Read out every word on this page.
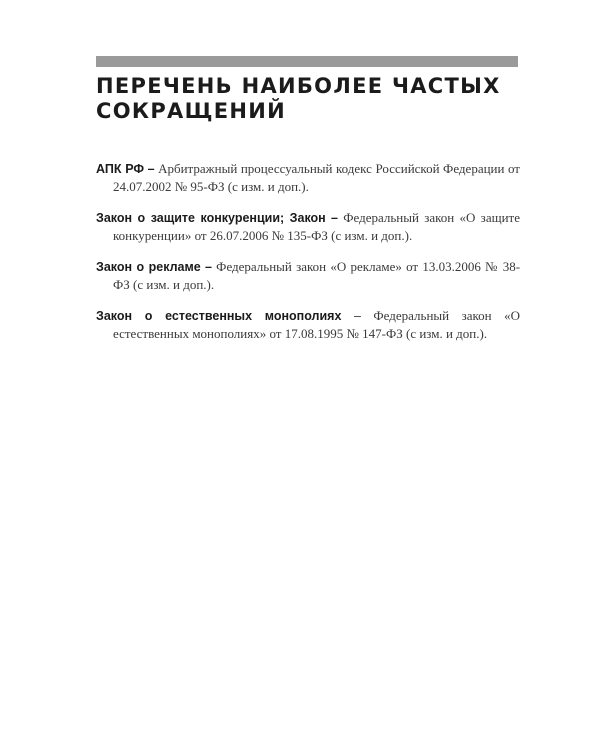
ПЕРЕЧЕНЬ НАИБОЛЕЕ ЧАСТЫХ
СОКРАЩЕНИЙ
АПК РФ – Арбитражный процессуальный кодекс Российской Федерации от 24.07.2002 № 95-ФЗ (с изм. и доп.).
Закон о защите конкуренции; Закон – Федеральный закон «О защите конкуренции» от 26.07.2006 № 135-ФЗ (с изм. и доп.).
Закон о рекламе – Федеральный закон «О рекламе» от 13.03.2006 № 38-ФЗ (с изм. и доп.).
Закон о естественных монополиях – Федеральный закон «О естественных монополиях» от 17.08.1995 № 147-ФЗ (с изм. и доп.).
